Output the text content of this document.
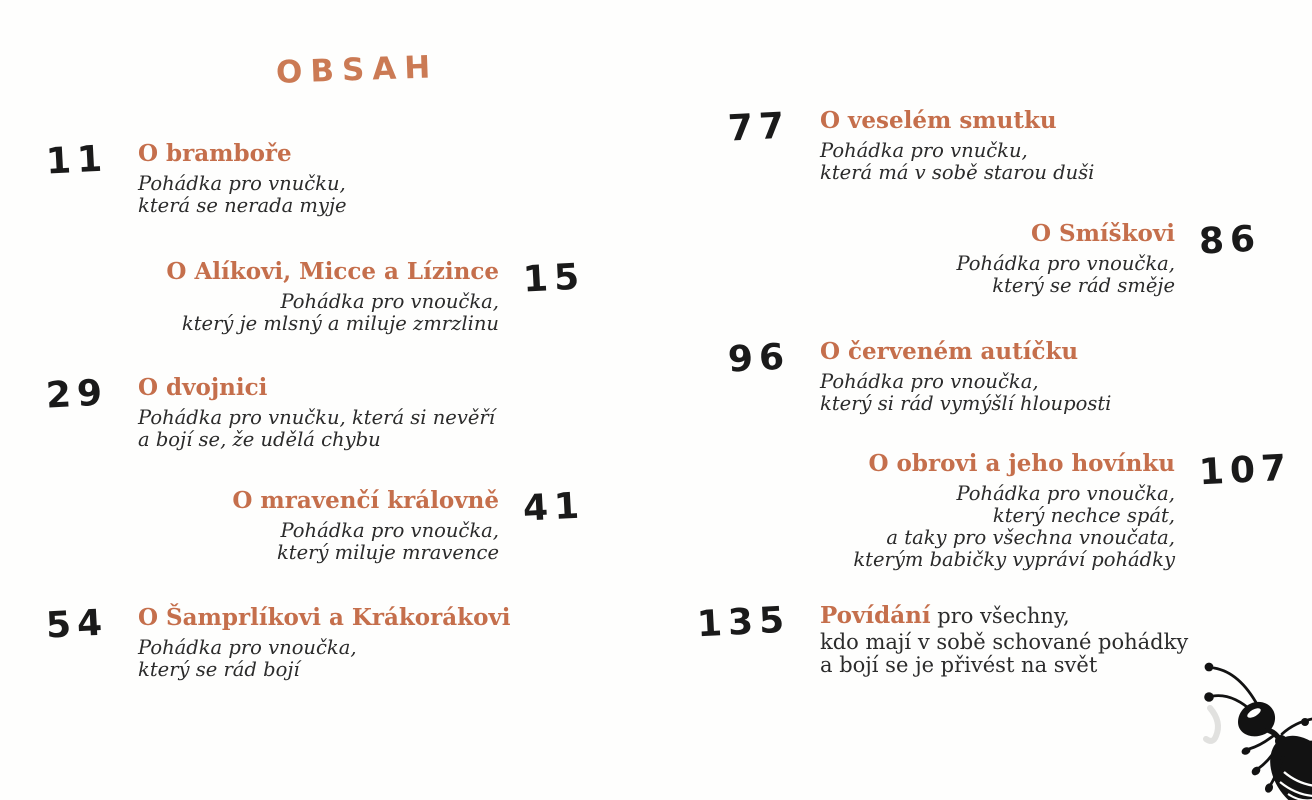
OBSAH
11 O bramboře
Pohádka pro vnučku,
která se nerada myje
15
O Alíkovi, Micce a Lízince
Pohádka pro vnoučka,
který je mlsný a miluje zmrzlinu
29 O dvojnici
Pohádka pro vnučku, která si nevěří
a bojí se, že udělá chybu
41
O mravenčí královně
Pohádka pro vnoučka,
který miluje mravence
54 O Šamprlíkovi a Krákorákovi
Pohádka pro vnoučka,
který se rád bojí
77 O veselém smutku
Pohádka pro vnučku,
která má v sobě starou duši
86
O Smíškovi
Pohádka pro vnoučka,
který se rád směje
96 O červeném autíčku
Pohádka pro vnoučka,
který si rád vymýšlí hlouposti
107
O obrovi a jeho hovínku
Pohádka pro vnoučka,
který nechce spát,
a taky pro všechna vnoučata,
kterým babičky vypráví pohádky
135 Povídání pro všechny,
kdo mají v sobě schované pohádky
a bojí se je přivést na svět
